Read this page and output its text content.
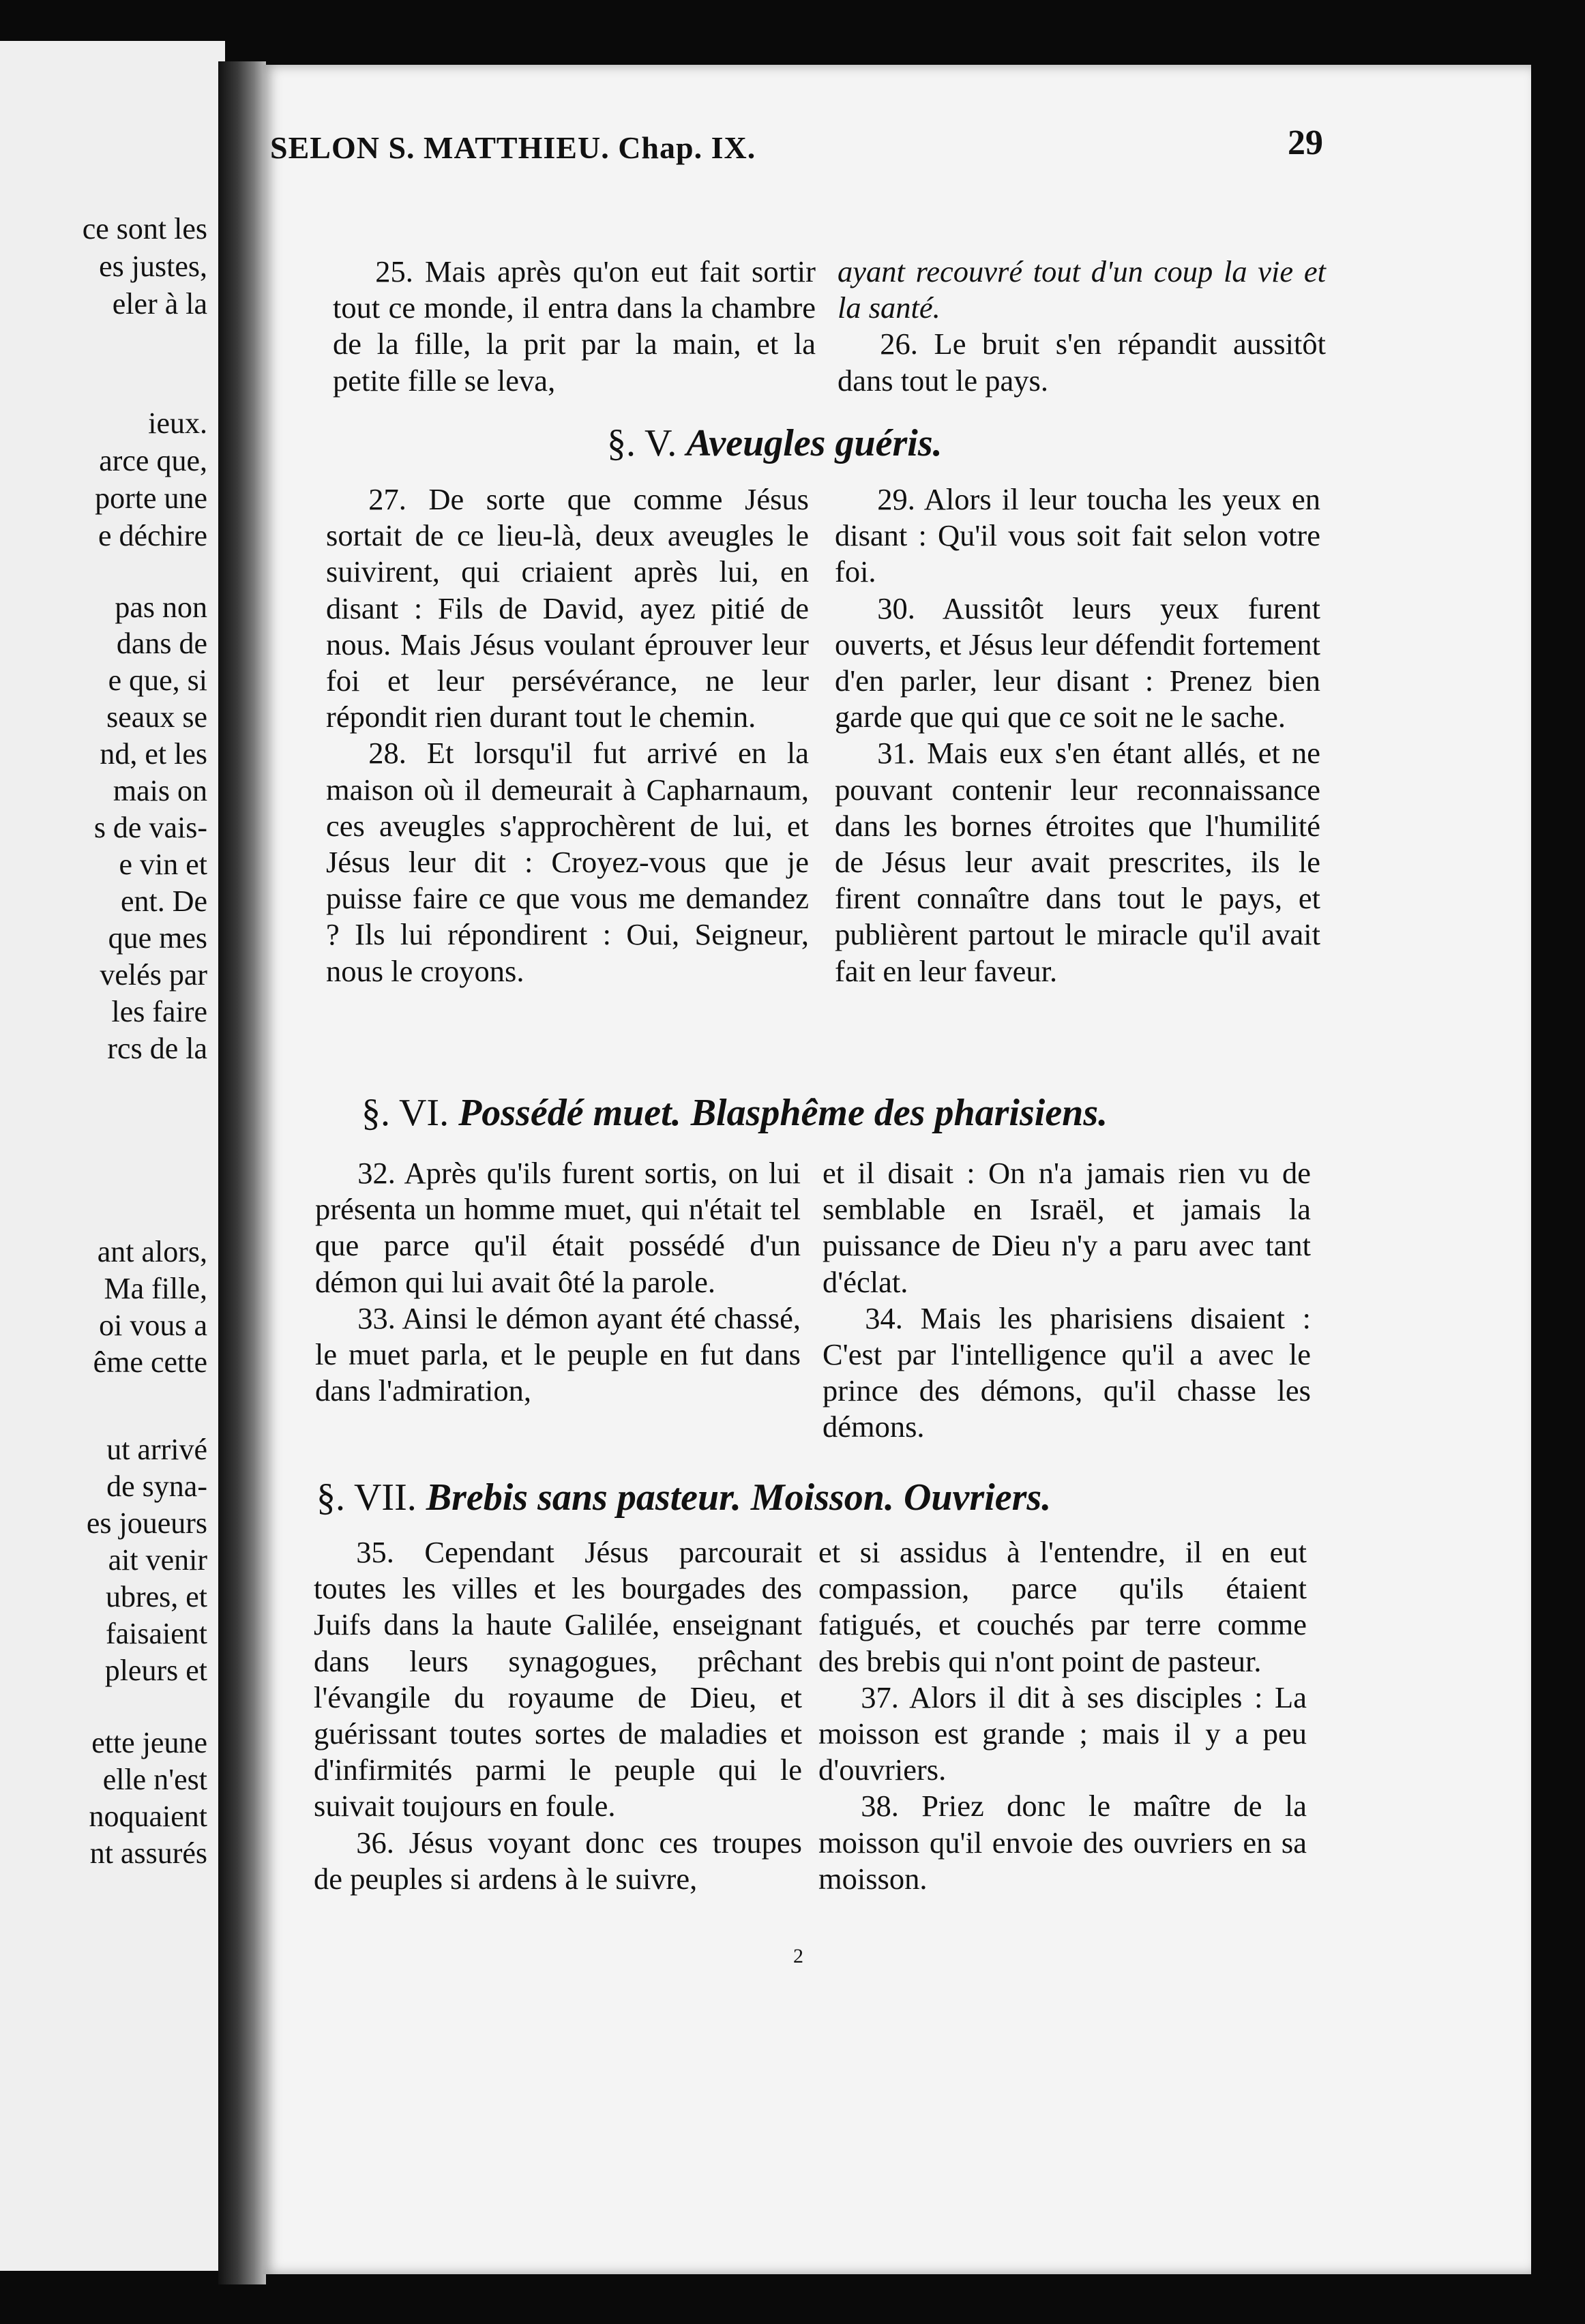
ce sont les
es justes,
eler à la
ieux.
arce que,
porte une
e déchire
pas non
dans de
e que, si
seaux se
nd, et les
mais on
s de vais-
e vin et
ent. De
que mes
velés par
les faire
rcs de la
ant alors,
Ma fille,
oi vous a
ême cette
ut arrivé
de syna-
es joueurs
ait venir
ubres, et
faisaient
pleurs et
ette jeune
elle n'est
noquaient
nt assurés
SELON S. MATTHIEU. Chap. IX.	29

25. Mais après qu'on eut fait sortir tout ce monde, il entra dans la chambre de la fille, la prit par la main, et la petite fille se leva,

ayant recouvré tout d'un coup la vie et la santé.

26. Le bruit s'en répandit aussitôt dans tout le pays.

§. V. Aveugles guéris.

27. De sorte que comme Jésus sortait de ce lieu-là, deux aveugles le suivirent, qui criaient après lui, en disant : Fils de David, ayez pitié de nous. Mais Jésus voulant éprouver leur foi et leur persévérance, ne leur répondit rien durant tout le chemin.

28. Et lorsqu'il fut arrivé en la maison où il demeurait à Capharnaum, ces aveugles s'approchèrent de lui, et Jésus leur dit : Croyez-vous que je puisse faire ce que vous me demandez ? Ils lui répondirent : Oui, Seigneur, nous le croyons.

29. Alors il leur toucha les yeux en disant : Qu'il vous soit fait selon votre foi.

30. Aussitôt leurs yeux furent ouverts, et Jésus leur défendit fortement d'en parler, leur disant : Prenez bien garde que qui que ce soit ne le sache.

31. Mais eux s'en étant allés, et ne pouvant contenir leur reconnaissance dans les bornes étroites que l'humilité de Jésus leur avait prescrites, ils le firent connaître dans tout le pays, et publièrent partout le miracle qu'il avait fait en leur faveur.

§. VI. Possédé muet. Blasphême des pharisiens.

32. Après qu'ils furent sortis, on lui présenta un homme muet, qui n'était tel que parce qu'il était possédé d'un démon qui lui avait ôté la parole.

33. Ainsi le démon ayant été chassé, le muet parla, et le peuple en fut dans dans l'admiration,

et il disait : On n'a jamais rien vu de semblable en Israël, et jamais la puissance de Dieu n'y a paru avec tant d'éclat.

34. Mais les pharisiens disaient : C'est par l'intelligence qu'il a avec le prince des démons, qu'il chasse les démons.

§. VII. Brebis sans pasteur. Moisson. Ouvriers.

35. Cependant Jésus parcourait toutes les villes et les bourgades des Juifs dans la haute Galilée, enseignant dans leurs synagogues, prêchant l'évangile du royaume de Dieu, et guérissant toutes sortes de maladies et d'infirmités parmi le peuple qui le suivait toujours en foule.

36. Jésus voyant donc ces troupes de peuples si ardens à le suivre,

et si assidus à l'entendre, il en eut compassion, parce qu'ils étaient fatigués, et couchés par terre comme des brebis qui n'ont point de pasteur.

37. Alors il dit à ses disciples : La moisson est grande ; mais il y a peu d'ouvriers.

38. Priez donc le maître de la moisson qu'il envoie des ouvriers en sa moisson.

2
